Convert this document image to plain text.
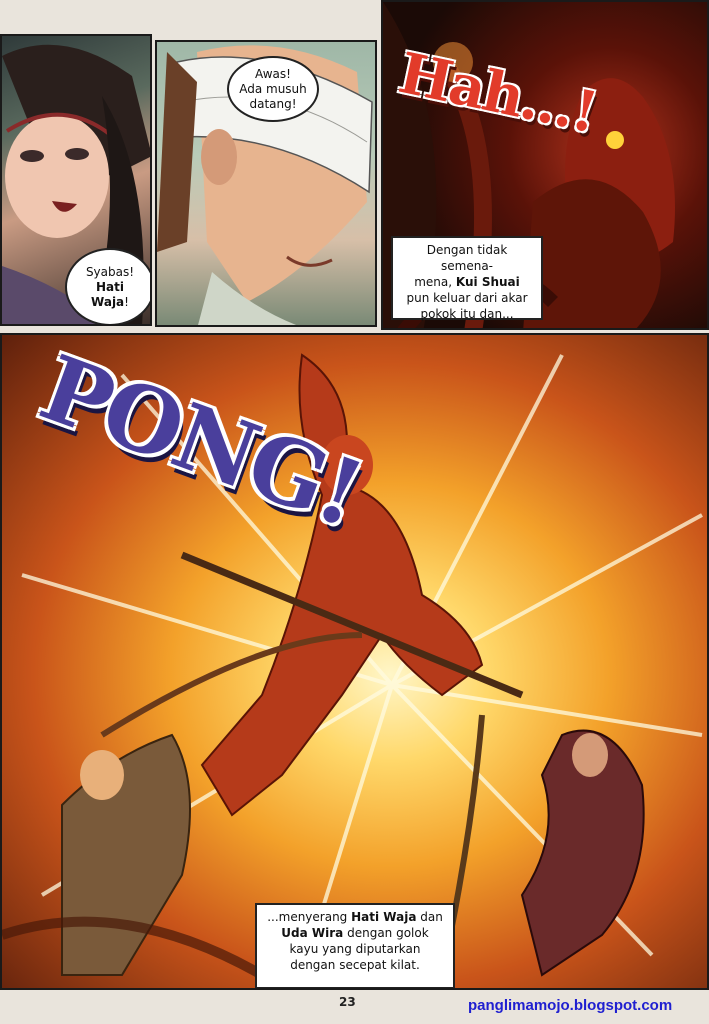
Syabas!
Hati
Waja!
Awas!
Ada musuh
datang! Hah...!
Dengan tidak semena-
mena, Kui Shuai
pun keluar dari akar
pokok itu dan...
PONG!
...menyerang Hati Waja dan
Uda Wira dengan golok
kayu yang diputarkan
dengan secepat kilat.
23	panglimamojo.blogspot.com
